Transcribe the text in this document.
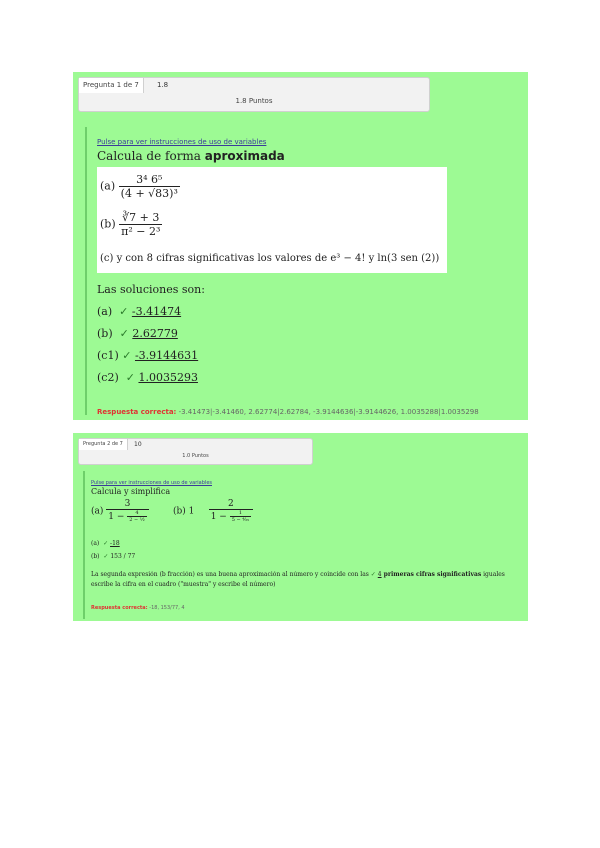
Pregunta 1 de 7	1.8
1.8 Puntos
Pulse para ver instrucciones de uso de variables
Calcula de forma aproximada
$(a) \frac{\text{3⁴ 6⁵}}{\text{(4 + √83)³}}$
$(b) \frac{∛7 + 3}{\text{π² − 2³}}$
(c) y con 8 cifras significativas los valores de e³ − 4! y ln(3 sen (2))
Las soluciones son:
(a) ✓ -3.41474
(b) ✓ 2.62779
(c1) ✓ -3.9144631
(c2) ✓ 1.0035293
Respuesta correcta: -3.41473|-3.41460, 2.62774|2.62784, -3.9144636|-3.9144626, 1.0035288|1.0035298
Pregunta 2 de 7	10
1.0 Puntos
Pulse para ver instrucciones de uso de variables
Calcula y simplifica
$(a) \frac{3}{1 - \frac{4}{\text{2 − ½}}}$	(b) $1 \frac{2}{1 - \frac{1}{\text{5 − ⁴⁄₂₅}}}$
(a) ✓ -18
(b) ✓ 153 / 77
La segunda expresión (b fracción) es una buena aproximación al número y coincide con las ✓ 4 primeras cifras significativas iguales
escribe la cifra en el cuadro ("muestra" y escribe el número)
Respuesta correcta: -18, 153/77, 4
